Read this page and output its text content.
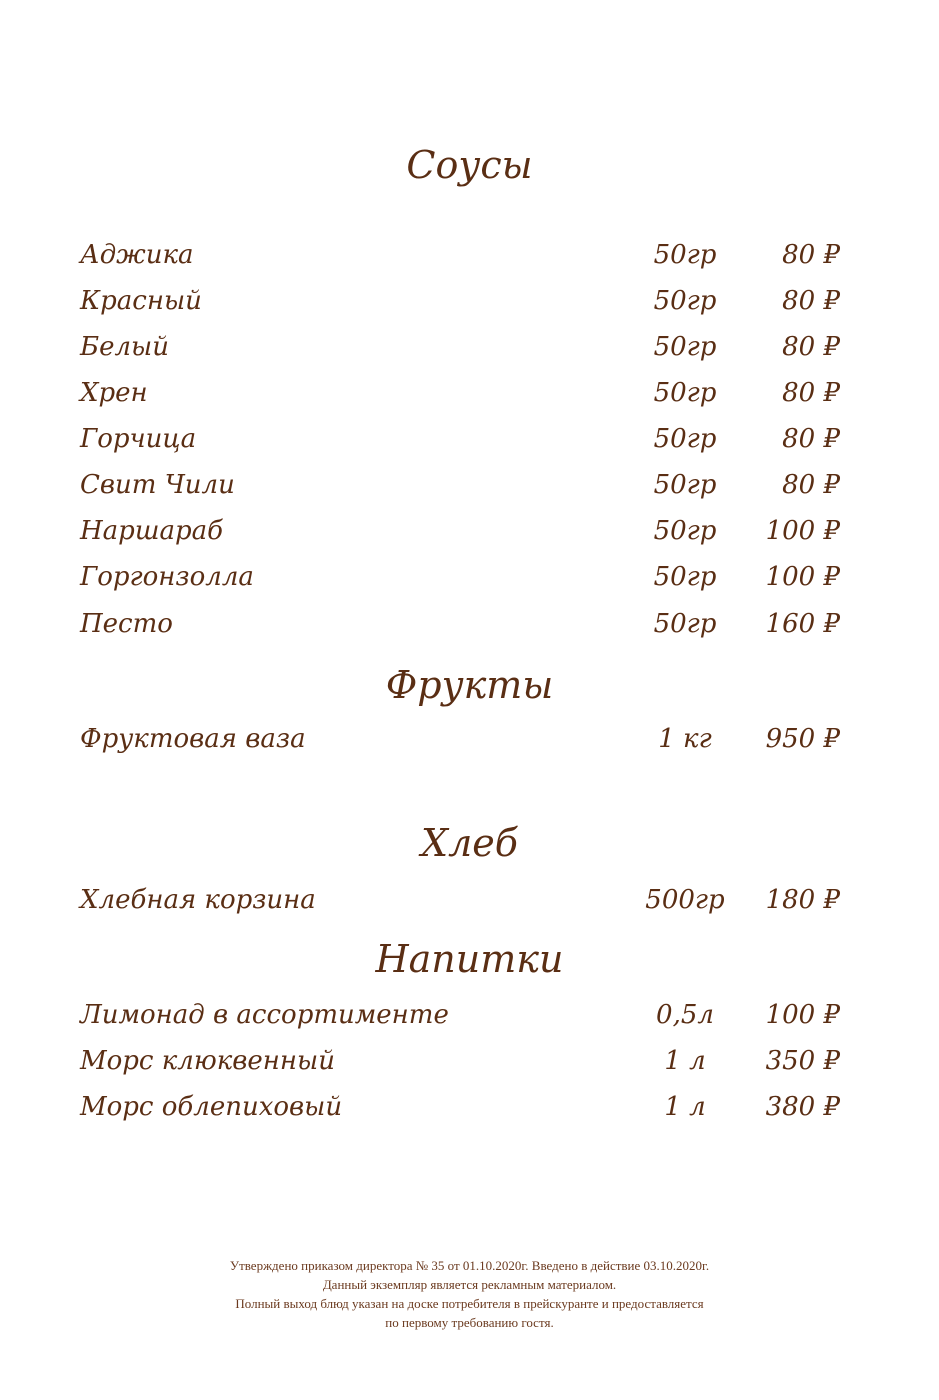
Соусы
Аджика	50гр	80 ₽
Красный	50гр	80 ₽
Белый	50гр	80 ₽
Хрен	50гр	80 ₽
Горчица	50гр	80 ₽
Свит Чили	50гр	80 ₽
Наршараб	50гр	100 ₽
Горгонзолла	50гр	100 ₽
Песто	50гр	160 ₽
Фрукты
Фруктовая ваза	1 кг	950 ₽
Хлеб
Хлебная корзина	500гр	180 ₽
Напитки
Лимонад в ассортименте	0,5л	100 ₽
Морс клюквенный	1 л	350 ₽
Морс облепиховый	1 л	380 ₽
Утверждено приказом директора № 35 от 01.10.2020г. Введено в действие 03.10.2020г.
Данный экземпляр является рекламным материалом.
Полный выход блюд указан на доске потребителя в прейскуранте и предоставляется
по первому требованию гостя.
